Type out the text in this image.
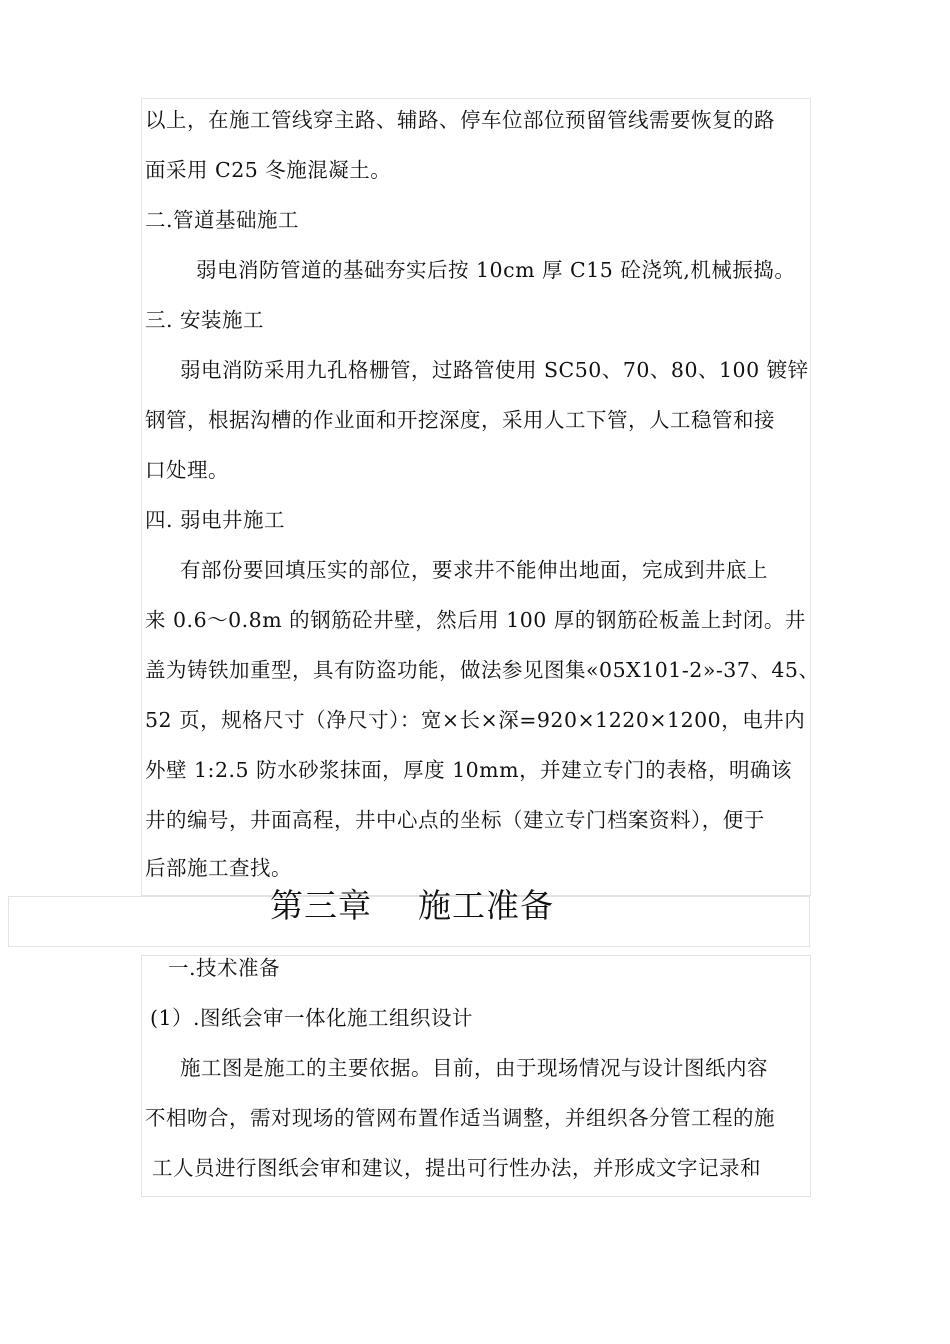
以上，在施工管线穿主路、辅路、停车位部位预留管线需要恢复的路
面采用 C25 冬施混凝土。
二.管道基础施工
弱电消防管道的基础夯实后按 10cm 厚 C15 砼浇筑,机械振捣。
三. 安装施工
弱电消防采用九孔格栅管，过路管使用 SC50、70、80、100 镀锌
钢管，根据沟槽的作业面和开挖深度，采用人工下管，人工稳管和接
口处理。
四. 弱电井施工
有部份要回填压实的部位，要求井不能伸出地面，完成到井底上
来 0.6～0.8m 的钢筋砼井壁，然后用 100 厚的钢筋砼板盖上封闭。井
盖为铸铁加重型，具有防盗功能，做法参见图集«05X101-2»-37、45、
52 页，规格尺寸（净尺寸）：宽×长×深=920×1220×1200，电井内
外壁 1:2.5 防水砂浆抹面，厚度 10mm，并建立专门的表格，明确该
井的编号，井面高程，井中心点的坐标（建立专门档案资料），便于
后部施工查找。
第三章    施工准备
一.技术准备
(1）.图纸会审一体化施工组织设计
施工图是施工的主要依据。目前，由于现场情况与设计图纸内容
不相吻合，需对现场的管网布置作适当调整，并组织各分管工程的施
工人员进行图纸会审和建议，提出可行性办法，并形成文字记录和
